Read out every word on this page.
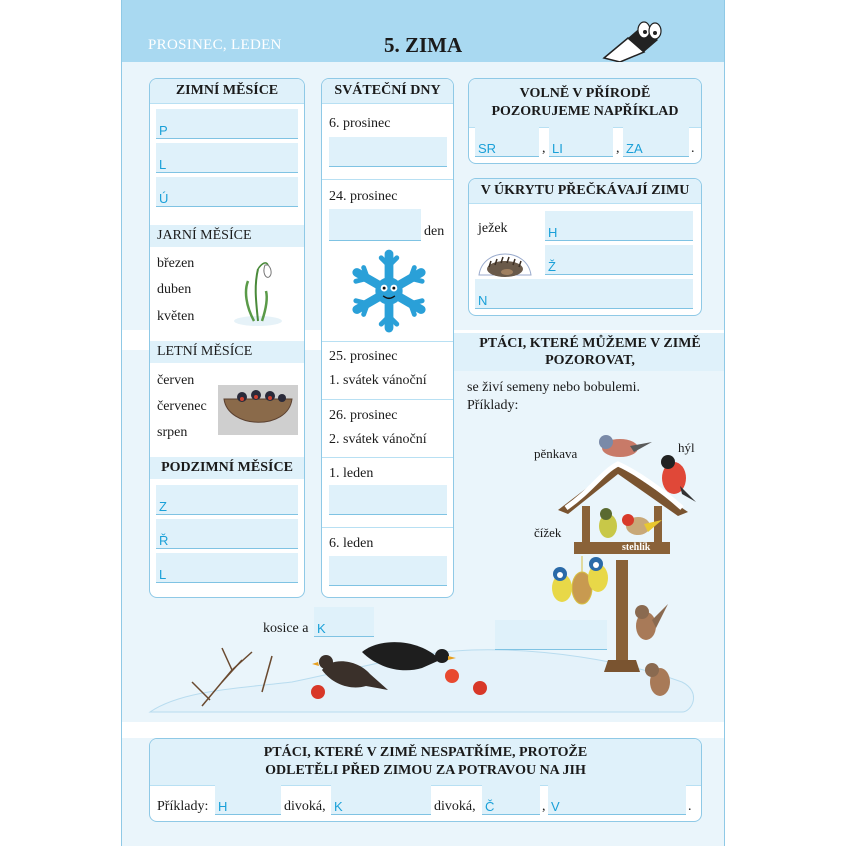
PROSINEC, LEDEN	5. ZIMA
ZIMNÍ MĚSÍCE
P
L
Ú
JARNÍ MĚSÍCE
březen
duben
květen
LETNÍ MĚSÍCE
červen
červenec
srpen
PODZIMNÍ MĚSÍCE
Z
Ř
L
SVÁTEČNÍ DNY
6. prosinec
24. prosinec
den
25. prosinec
1. svátek vánoční
26. prosinec
2. svátek vánoční
1. leden
6. leden
VOLNĚ V PŘÍRODĚ POZORUJEME NAPŘÍKLAD
SR	, LI	, ZA	.
V ÚKRYTU PŘEČKÁVAJÍ ZIMU
ježek	H
Ž
N
PTÁCI, KTERÉ MŮŽEME V ZIMĚ POZOROVAT,
se živí semeny nebo bobulemi.
Příklady:
pěnkava	hýl
čížek
stehlík
kosice a K
PTÁCI, KTERÉ V ZIMĚ NESPATŘÍME, PROTOŽE
ODLETĚLI PŘED ZIMOU ZA POTRAVOU NA JIH
Příklady: H	divoká, K	divoká, Č	, V	.
